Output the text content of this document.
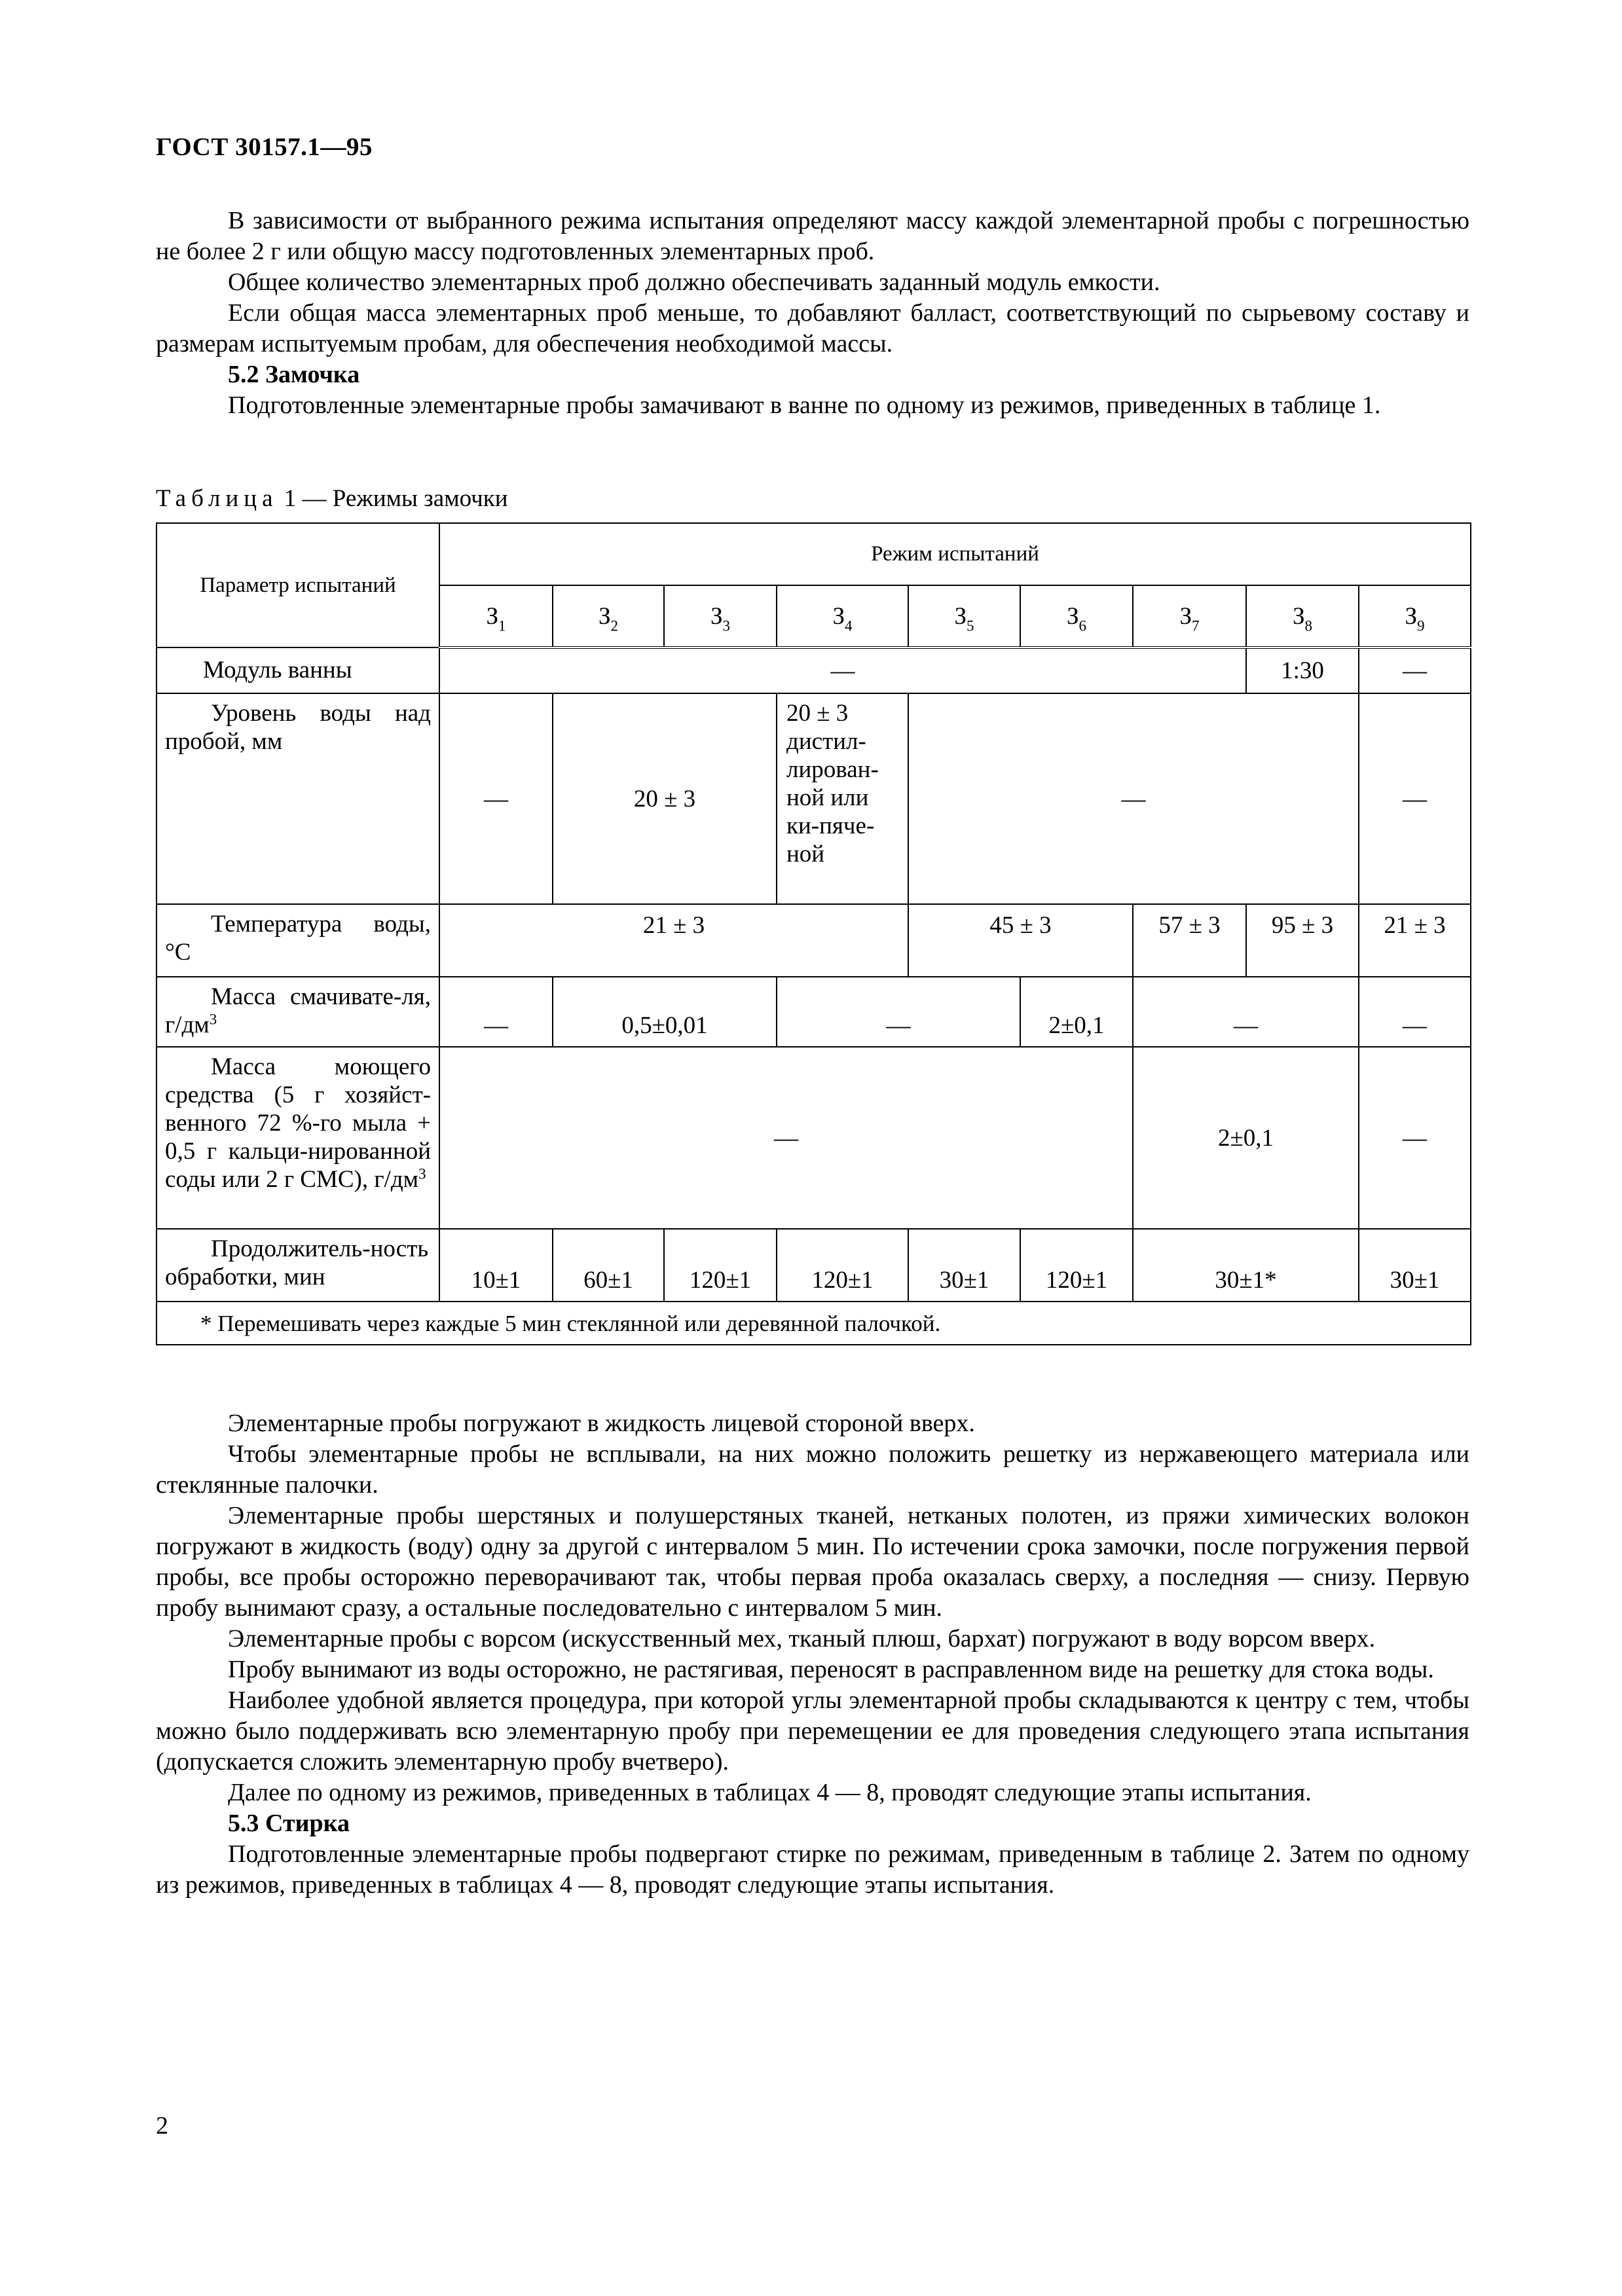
ГОСТ 30157.1—95

В зависимости от выбранного режима испытания определяют массу каждой элементарной пробы с погрешностью не более 2 г или общую массу подготовленных элементарных проб.

Общее количество элементарных проб должно обеспечивать заданный модуль емкости.

Если общая масса элементарных проб меньше, то добавляют балласт, соответствующий по сырьевому составу и размерам испытуемым пробам, для обеспечения необходимой массы.

5.2 Замочка

Подготовленные элементарные пробы замачивают в ванне по одному из режимов, приведенных в таблице 1.

Таблица 1 — Режимы замочки
Параметр испытаний	Режим испытаний								
	$З_1$	$З_2$	$З_3$	$З_4$	$З_5$	$З_6$	$З_7$	$З_8$	$З_9$
Модуль ванны	—							1:30	—
Уровень воды над пробой, мм	—	20 ± 3		20 ± 3 дистил-лирован-ной или ки-пяче-ной	—				—
Температура воды, °С	21 ± 3				45 ± 3		57 ± 3	95 ± 3	21 ± 3
Масса смачивате-ля, $г/дм^3$	—	0,5±0,01		—		2±0,1	—		—
Масса моющего средства (5 г хозяйст-венного 72 %-го мыла + 0,5 г кальци-нированной соды или 2 г СМС), $г/дм^3$	—						2±0,1		—
Продолжитель-ность обработки, мин	10±1	60±1	120±1	120±1	30±1	120±1	30±1*		30±1
* Перемешивать через каждые 5 мин стеклянной или деревянной палочкой.									

Элементарные пробы погружают в жидкость лицевой стороной вверх.

Чтобы элементарные пробы не всплывали, на них можно положить решетку из нержавеющего материала или стеклянные палочки.

Элементарные пробы шерстяных и полушерстяных тканей, нетканых полотен, из пряжи химических волокон погружают в жидкость (воду) одну за другой с интервалом 5 мин. По истечении срока замочки, после погружения первой пробы, все пробы осторожно переворачивают так, чтобы первая проба оказалась сверху, а последняя — снизу. Первую пробу вынимают сразу, а остальные последовательно с интервалом 5 мин.

Элементарные пробы с ворсом (искусственный мех, тканый плюш, бархат) погружают в воду ворсом вверх.

Пробу вынимают из воды осторожно, не растягивая, переносят в расправленном виде на решетку для стока воды.

Наиболее удобной является процедура, при которой углы элементарной пробы складываются к центру с тем, чтобы можно было поддерживать всю элементарную пробу при перемещении ее для проведения следующего этапа испытания (допускается сложить элементарную пробу вчетверо).

Далее по одному из режимов, приведенных в таблицах 4 — 8, проводят следующие этапы испытания.

5.3 Стирка

Подготовленные элементарные пробы подвергают стирке по режимам, приведенным в таблице 2. Затем по одному из режимов, приведенных в таблицах 4 — 8, проводят следующие этапы испытания.

2
